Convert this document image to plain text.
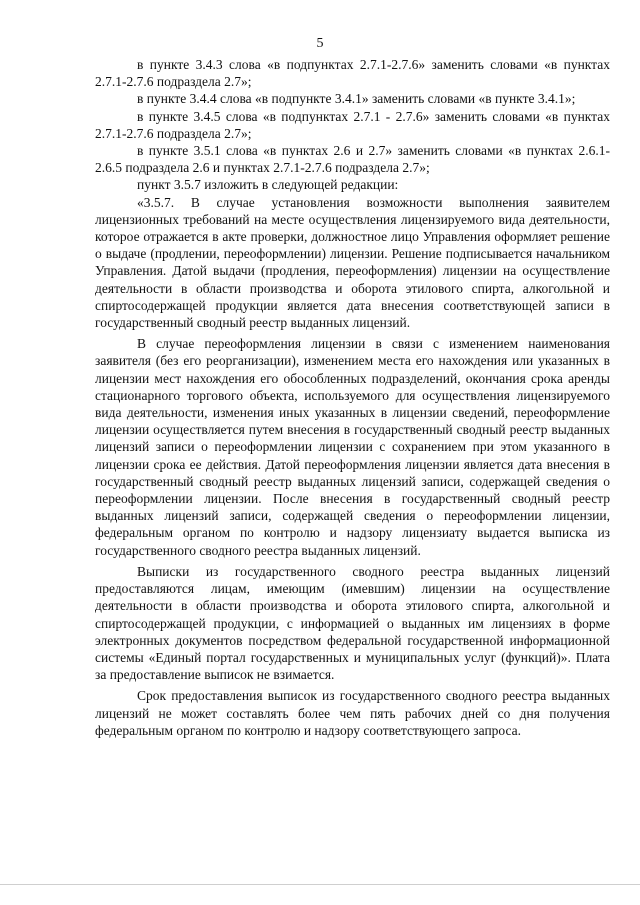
5

в пункте 3.4.3 слова «в подпунктах 2.7.1-2.7.6» заменить словами «в пунктах 2.7.1-2.7.6 подраздела 2.7»;

в пункте 3.4.4 слова «в подпункте 3.4.1» заменить словами «в пункте 3.4.1»;

в пункте 3.4.5 слова «в подпунктах 2.7.1 - 2.7.6» заменить словами «в пунктах 2.7.1-2.7.6 подраздела 2.7»;

в пункте 3.5.1 слова «в пунктах 2.6 и 2.7» заменить словами «в пунктах 2.6.1-2.6.5 подраздела 2.6 и пунктах 2.7.1-2.7.6 подраздела 2.7»;

пункт 3.5.7 изложить в следующей редакции:

«3.5.7. В случае установления возможности выполнения заявителем лицензионных требований на месте осуществления лицензируемого вида деятельности, которое отражается в акте проверки, должностное лицо Управления оформляет решение о выдаче (продлении, переоформлении) лицензии. Решение подписывается начальником Управления. Датой выдачи (продления, переоформления) лицензии на осуществление деятельности в области производства и оборота этилового спирта, алкогольной и спиртосодержащей продукции является дата внесения соответствующей записи в государственный сводный реестр выданных лицензий.

В случае переоформления лицензии в связи с изменением наименования заявителя (без его реорганизации), изменением места его нахождения или указанных в лицензии мест нахождения его обособленных подразделений, окончания срока аренды стационарного торгового объекта, используемого для осуществления лицензируемого вида деятельности, изменения иных указанных в лицензии сведений, переоформление лицензии осуществляется путем внесения в государственный сводный реестр выданных лицензий записи о переоформлении лицензии с сохранением при этом указанного в лицензии срока ее действия. Датой переоформления лицензии является дата внесения в государственный сводный реестр выданных лицензий записи, содержащей сведения о переоформлении лицензии. После внесения в государственный сводный реестр выданных лицензий записи, содержащей сведения о переоформлении лицензии, федеральным органом по контролю и надзору лицензиату выдается выписка из государственного сводного реестра выданных лицензий.

Выписки из государственного сводного реестра выданных лицензий предоставляются лицам, имеющим (имевшим) лицензии на осуществление деятельности в области производства и оборота этилового спирта, алкогольной и спиртосодержащей продукции, с информацией о выданных им лицензиях в форме электронных документов посредством федеральной государственной информационной системы «Единый портал государственных и муниципальных услуг (функций)». Плата за предоставление выписок не взимается.

Срок предоставления выписок из государственного сводного реестра выданных лицензий не может составлять более чем пять рабочих дней со дня получения федеральным органом по контролю и надзору соответствующего запроса.
